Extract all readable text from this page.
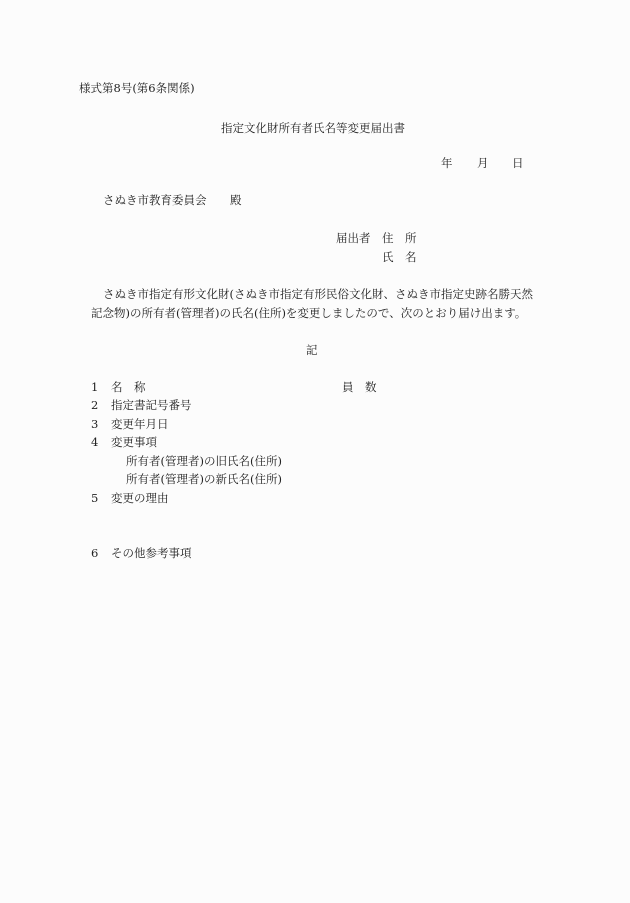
様式第8号(第6条関係)
指定文化財所有者氏名等変更届出書
年 月 日
さぬき市教育委員会 殿
届出者 住　所
氏　名
さぬき市指定有形文化財(さぬき市指定有形民俗文化財、さぬき市指定史跡名勝天然
記念物)の所有者(管理者)の氏名(住所)を変更しましたので、次のとおり届け出ます。
記
1 名　称	員　数
2 指定書記号番号
3 変更年月日
4 変更事項
所有者(管理者)の旧氏名(住所)
所有者(管理者)の新氏名(住所)
5 変更の理由
6 その他参考事項
